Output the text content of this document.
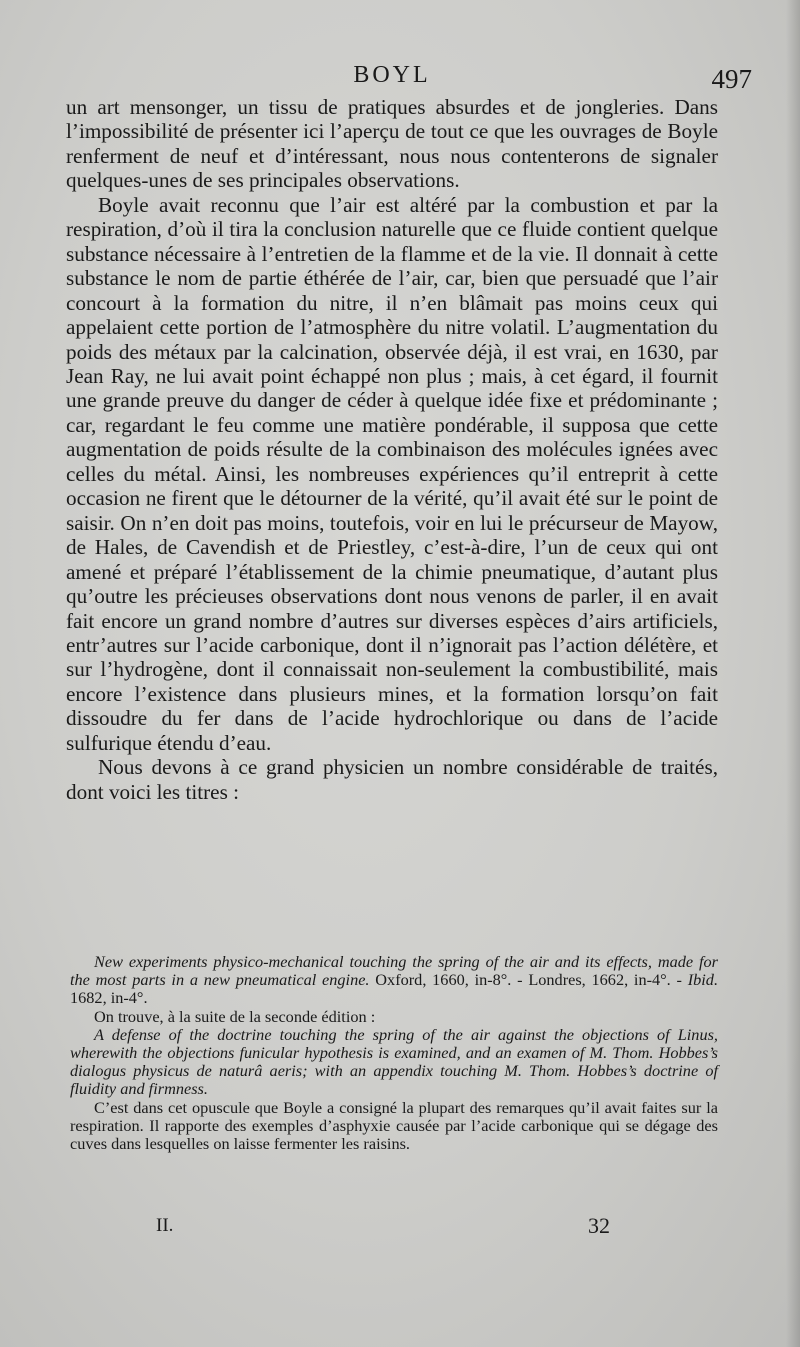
BOYL	497

un art mensonger, un tissu de pratiques absurdes et de jongleries. Dans l’impossibilité de présenter ici l’aperçu de tout ce que les ouvrages de Boyle renferment de neuf et d’intéressant, nous nous contenterons de signaler quelques-unes de ses principales observations.

Boyle avait reconnu que l’air est altéré par la combustion et par la respiration, d’où il tira la conclusion naturelle que ce fluide contient quelque substance nécessaire à l’entretien de la flamme et de la vie. Il donnait à cette substance le nom de partie éthérée de l’air, car, bien que persuadé que l’air concourt à la formation du nitre, il n’en blâmait pas moins ceux qui appelaient cette portion de l’atmosphère du nitre volatil. L’augmentation du poids des métaux par la calcination, observée déjà, il est vrai, en 1630, par Jean Ray, ne lui avait point échappé non plus ; mais, à cet égard, il fournit une grande preuve du danger de céder à quelque idée fixe et prédominante ; car, regardant le feu comme une matière pondérable, il supposa que cette augmentation de poids résulte de la combinaison des molécules ignées avec celles du métal. Ainsi, les nombreuses expériences qu’il entreprit à cette occasion ne firent que le détourner de la vérité, qu’il avait été sur le point de saisir. On n’en doit pas moins, toutefois, voir en lui le précurseur de Mayow, de Hales, de Cavendish et de Priestley, c’est-à-dire, l’un de ceux qui ont amené et préparé l’établissement de la chimie pneumatique, d’autant plus qu’outre les précieuses observations dont nous venons de parler, il en avait fait encore un grand nombre d’autres sur diverses espèces d’airs artificiels, entr’autres sur l’acide carbonique, dont il n’ignorait pas l’action délétère, et sur l’hydrogène, dont il connaissait non-seulement la combustibilité, mais encore l’existence dans plusieurs mines, et la formation lorsqu’on fait dissoudre du fer dans de l’acide hydrochlorique ou dans de l’acide sulfurique étendu d’eau.

Nous devons à ce grand physicien un nombre considérable de traités, dont voici les titres :

New experiments physico-mechanical touching the spring of the air and its effects, made for the most parts in a new pneumatical engine. Oxford, 1660, in-8°. - Londres, 1662, in-4°. - Ibid. 1682, in-4°.

On trouve, à la suite de la seconde édition :

A defense of the doctrine touching the spring of the air against the objections of Linus, wherewith the objections funicular hypothesis is examined, and an examen of M. Thom. Hobbes’s dialogus physicus de naturâ aeris; with an appendix touching M. Thom. Hobbes’s doctrine of fluidity and firmness.

C’est dans cet opuscule que Boyle a consigné la plupart des remarques qu’il avait faites sur la respiration. Il rapporte des exemples d’asphyxie causée par l’acide carbonique qui se dégage des cuves dans lesquelles on laisse fermenter les raisins.

II.	32
